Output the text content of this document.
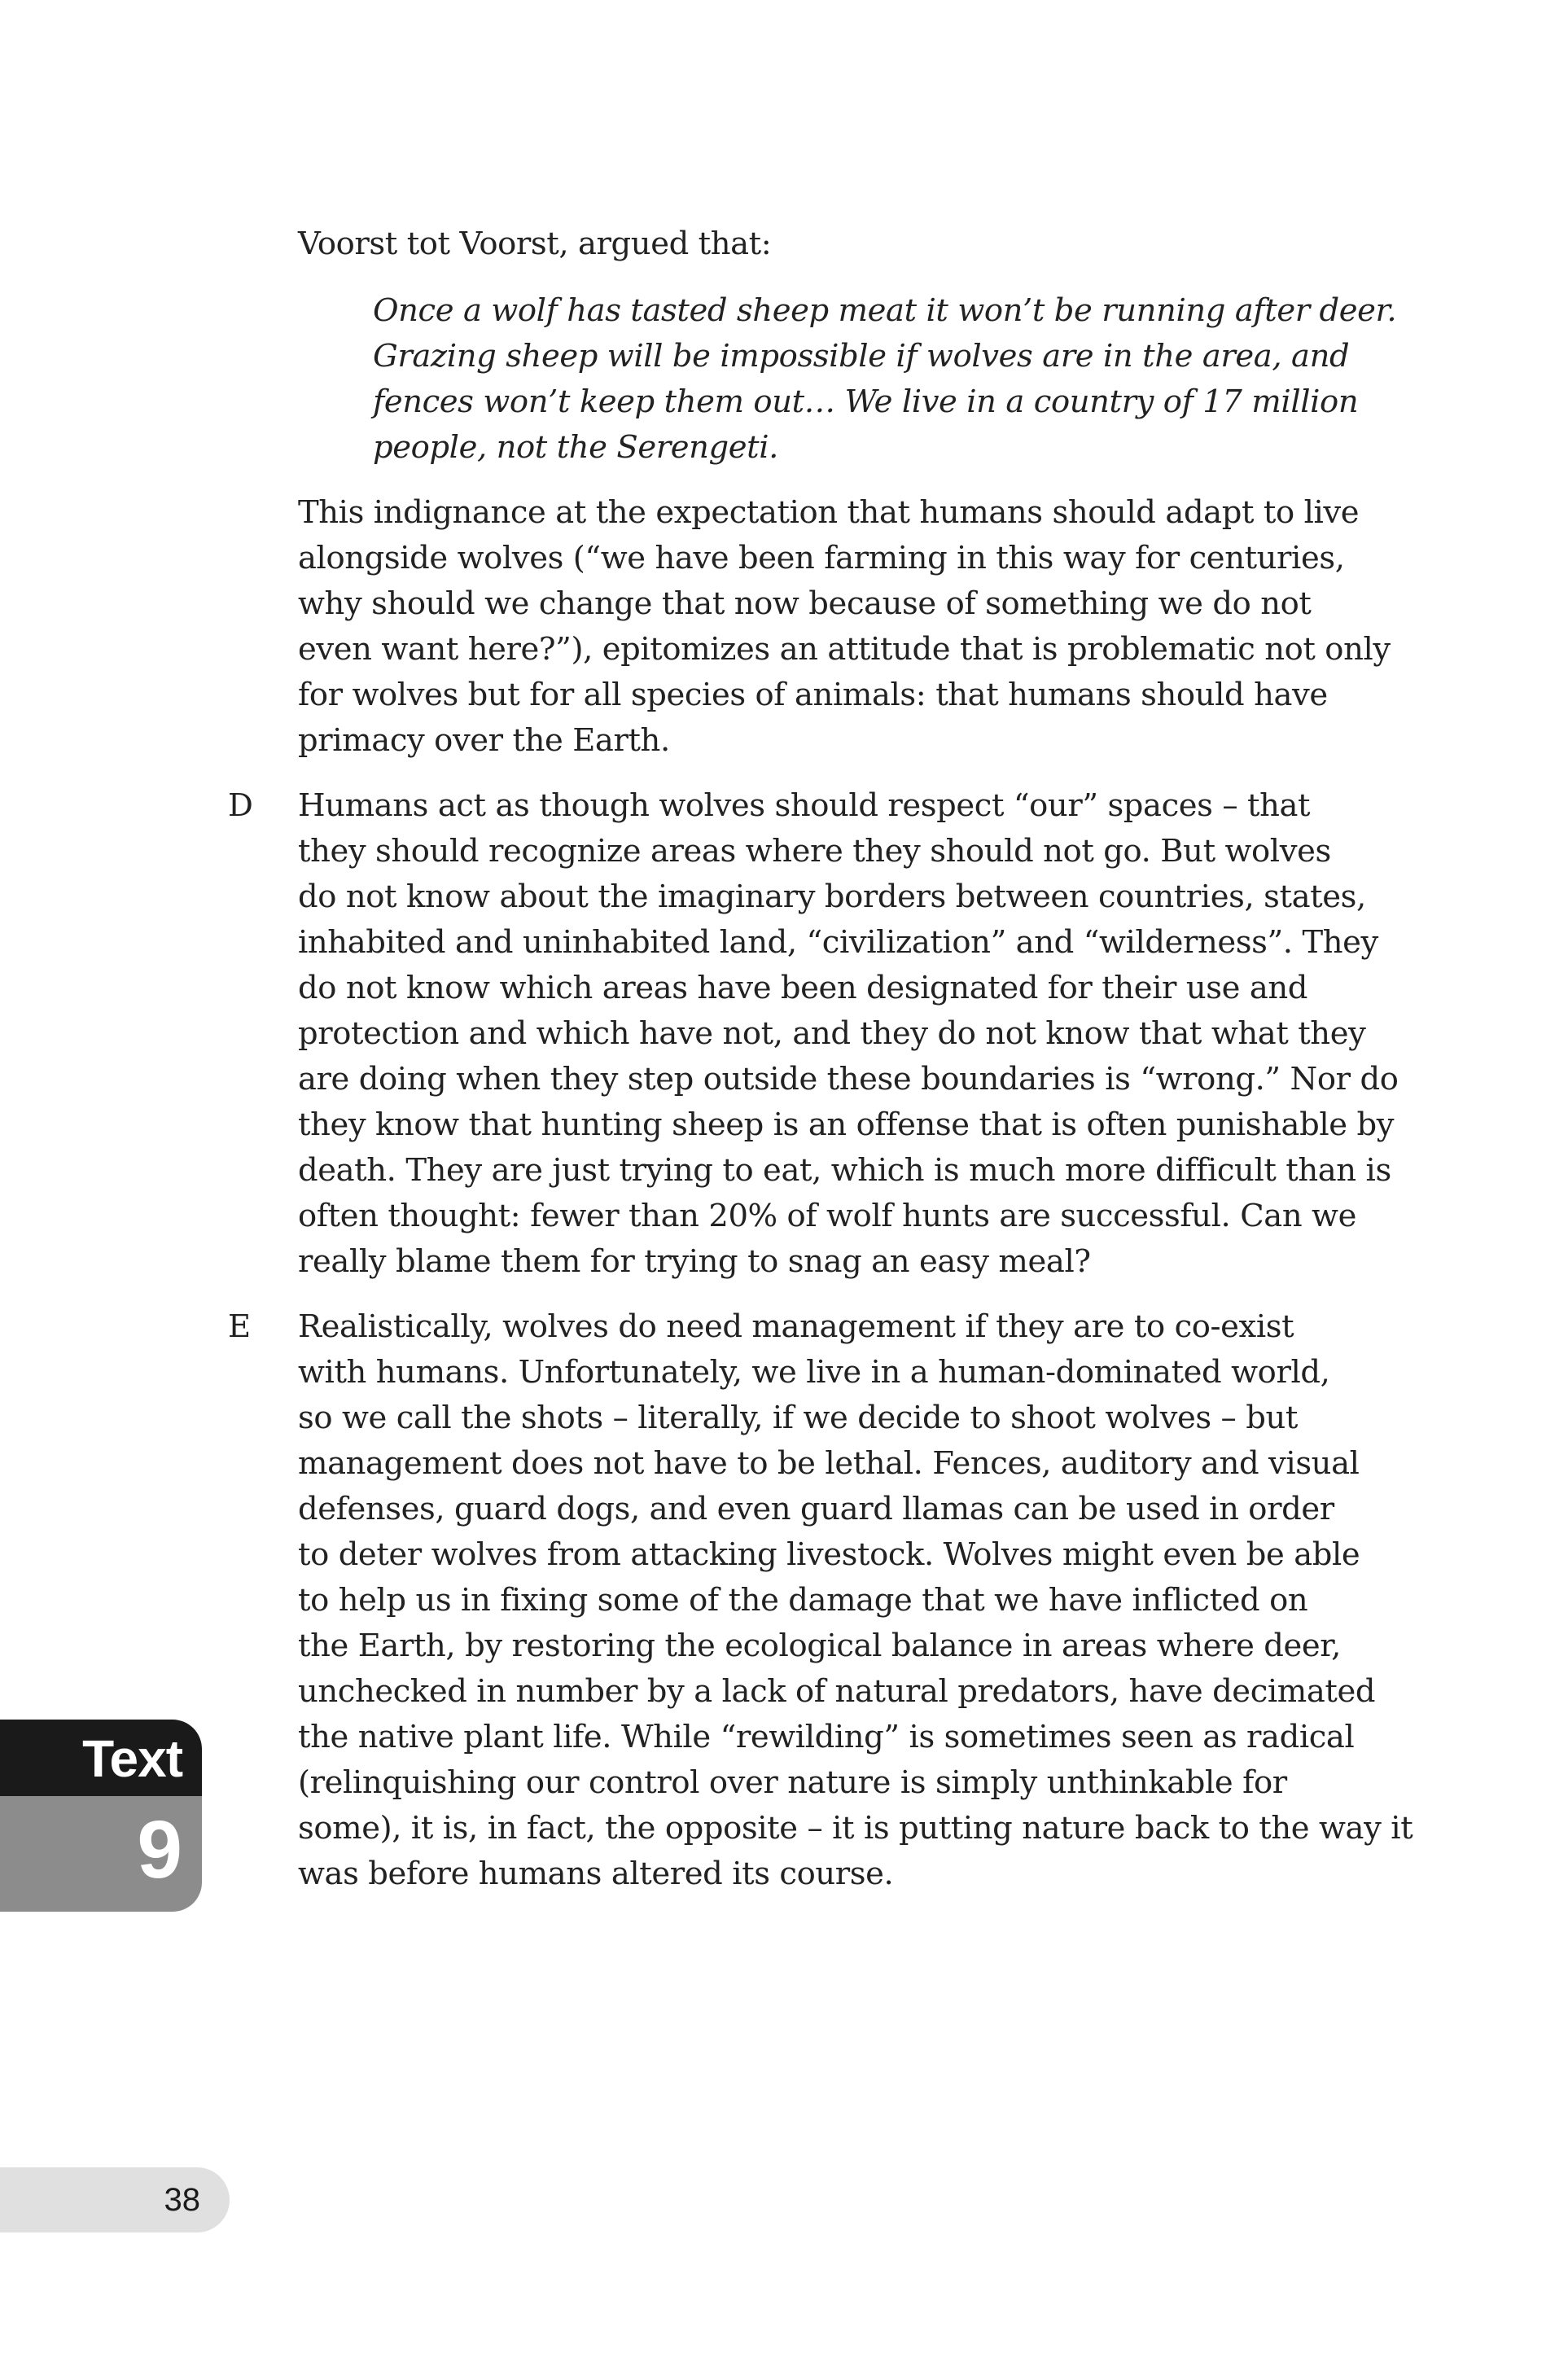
Voorst tot Voorst, argued that:
Once a wolf has tasted sheep meat it won’t be running after deer.
Grazing sheep will be impossible if wolves are in the area, and
fences won’t keep them out… We live in a country of 17 million
people, not the Serengeti.
This indignance at the expectation that humans should adapt to live
alongside wolves (“we have been farming in this way for centuries,
why should we change that now because of something we do not
even want here?”), epitomizes an attitude that is problematic not only
for wolves but for all species of animals: that humans should have
primacy over the Earth.
D Humans act as though wolves should respect “our” spaces – that
they should recognize areas where they should not go. But wolves
do not know about the imaginary borders between countries, states,
inhabited and uninhabited land, “civilization” and “wilderness”. They
do not know which areas have been designated for their use and
protection and which have not, and they do not know that what they
are doing when they step outside these boundaries is “wrong.” Nor do
they know that hunting sheep is an offense that is often punishable by
death. They are just trying to eat, which is much more difficult than is
often thought: fewer than 20% of wolf hunts are successful. Can we
really blame them for trying to snag an easy meal?
E Realistically, wolves do need management if they are to co-exist
with humans. Unfortunately, we live in a human-dominated world,
so we call the shots – literally, if we decide to shoot wolves – but
management does not have to be lethal. Fences, auditory and visual
defenses, guard dogs, and even guard llamas can be used in order
to deter wolves from attacking livestock. Wolves might even be able
to help us in fixing some of the damage that we have inflicted on
the Earth, by restoring the ecological balance in areas where deer,
unchecked in number by a lack of natural predators, have decimated
the native plant life. While “rewilding” is sometimes seen as radical
(relinquishing our control over nature is simply unthinkable for
some), it is, in fact, the opposite – it is putting nature back to the way it
was before humans altered its course.
Text
9
38
